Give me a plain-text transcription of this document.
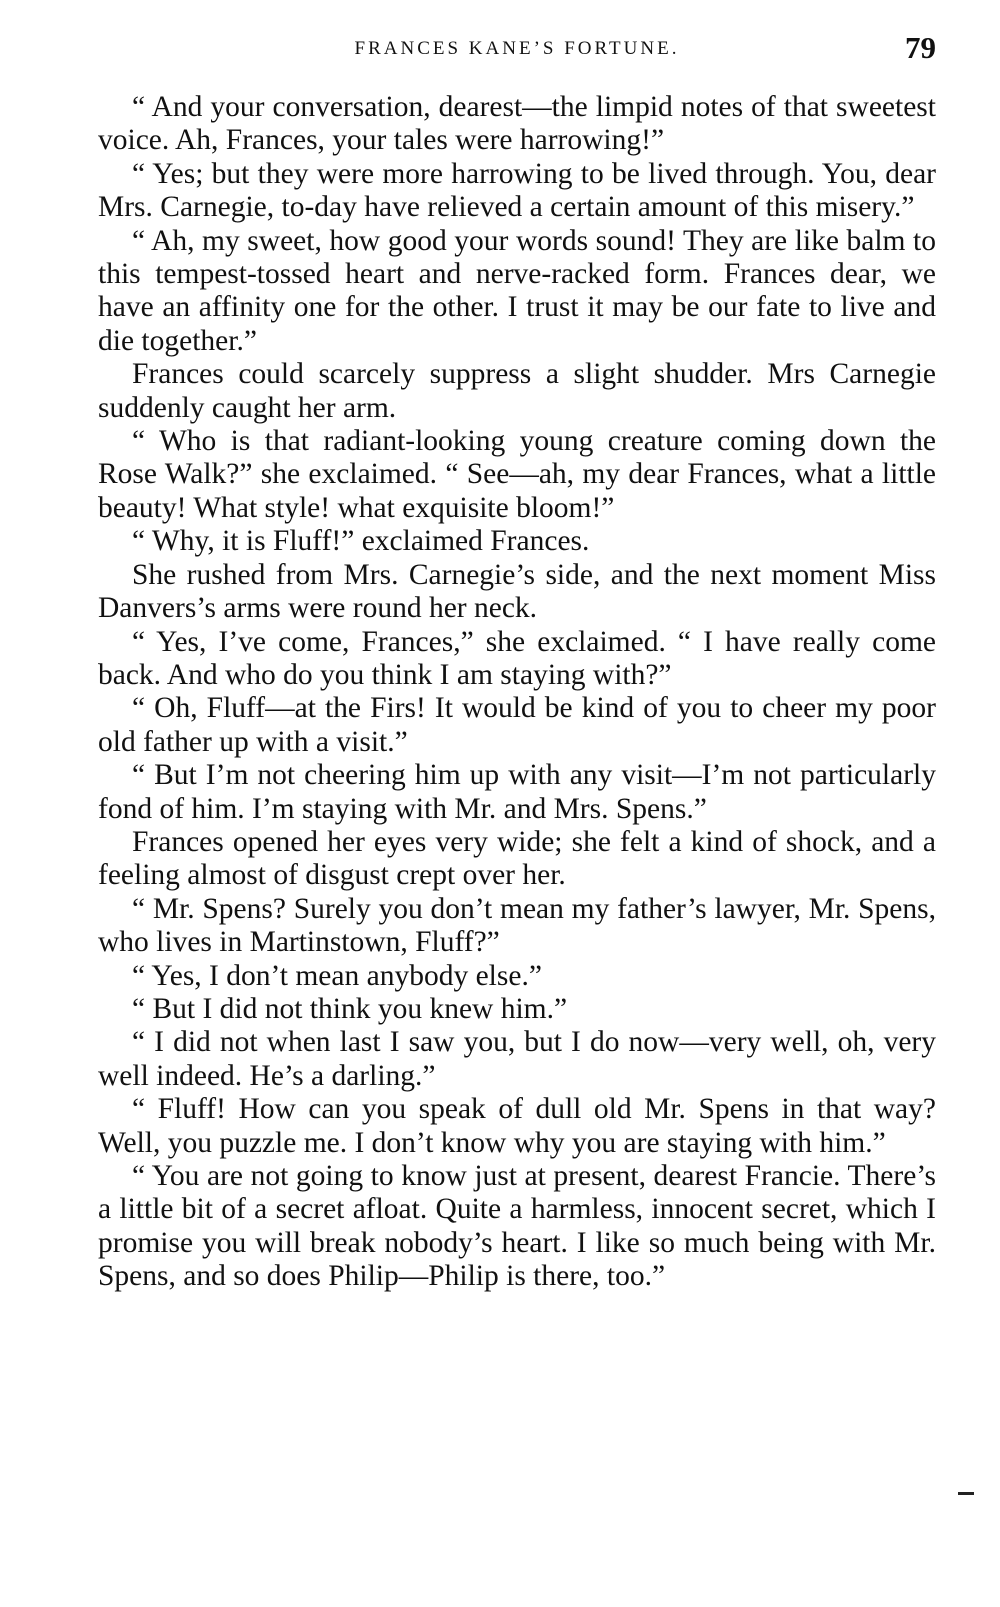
FRANCES KANE’S FORTUNE.	79

“ And your conversation, dearest—the limpid notes of that sweetest voice. Ah, Frances, your tales were harrowing!”

“ Yes; but they were more harrowing to be lived through. You, dear Mrs. Carnegie, to-day have relieved a certain amount of this misery.”

“ Ah, my sweet, how good your words sound! They are like balm to this tempest-tossed heart and nerve-racked form. Frances dear, we have an affinity one for the other. I trust it may be our fate to live and die together.”

Frances could scarcely suppress a slight shudder. Mrs Carnegie suddenly caught her arm.

“ Who is that radiant-looking young creature coming down the Rose Walk?” she exclaimed. “ See—ah, my dear Frances, what a little beauty! What style! what exquisite bloom!”

“ Why, it is Fluff!” exclaimed Frances.

She rushed from Mrs. Carnegie’s side, and the next moment Miss Danvers’s arms were round her neck.

“ Yes, I’ve come, Frances,” she exclaimed. “ I have really come back. And who do you think I am staying with?”

“ Oh, Fluff—at the Firs! It would be kind of you to cheer my poor old father up with a visit.”

“ But I’m not cheering him up with any visit—I’m not particularly fond of him. I’m staying with Mr. and Mrs. Spens.”

Frances opened her eyes very wide; she felt a kind of shock, and a feeling almost of disgust crept over her.

“ Mr. Spens? Surely you don’t mean my father’s lawyer, Mr. Spens, who lives in Martinstown, Fluff?”

“ Yes, I don’t mean anybody else.”

“ But I did not think you knew him.”

“ I did not when last I saw you, but I do now—very well, oh, very well indeed. He’s a darling.”

“ Fluff! How can you speak of dull old Mr. Spens in that way? Well, you puzzle me. I don’t know why you are staying with him.”

“ You are not going to know just at present, dearest Francie. There’s a little bit of a secret afloat. Quite a harmless, innocent secret, which I promise you will break nobody’s heart. I like so much being with Mr. Spens, and so does Philip—Philip is there, too.”
